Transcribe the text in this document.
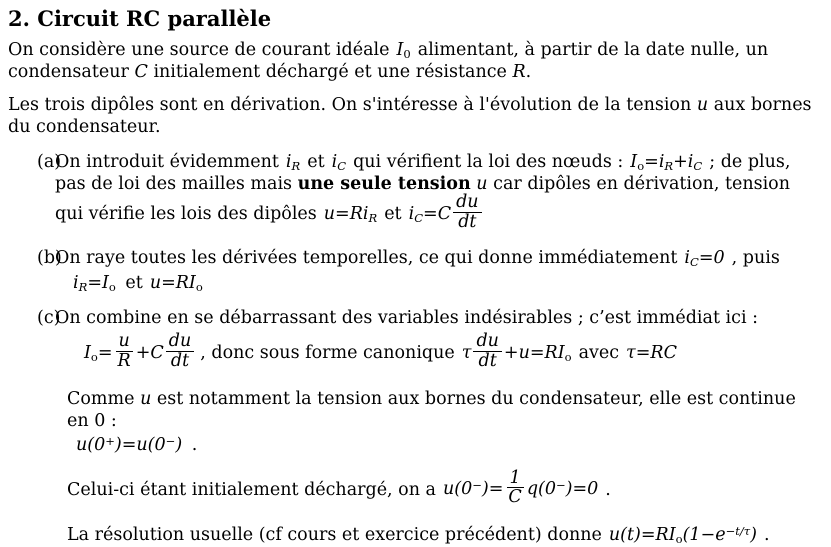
2. Circuit RC parallèle

On considère une source de courant idéale $I_0$ alimentant, à partir de la date nulle, un condensateur C initialement déchargé et une résistance R.

Les trois dipôles sont en dérivation. On s'intéresse à l'évolution de la tension u aux bornes du condensateur.

(a)
On introduit évidemment $i_R$ et $i_C$ qui vérifient la loi des nœuds : $I_o=i_R+i_C$ ; de plus, pas de loi des mailles mais une seule tension u car dipôles en dérivation, tension qui vérifie les lois des dipôles $u=Ri_R$ et $i_C=C \frac{du}{dt}$
(b)
On raye toutes les dérivées temporelles, ce qui donne immédiatement $i_C=0$ , puis
$i_R=I_o$ et $u=RI_o$
(c)
On combine en se débarrassant des variables indésirables ; c’est immédiat ici :
$I_o= \frac{u}{R} +C \frac{du}{dt}$ , donc sous forme canonique τ $\frac{du}{dt} +u=RI_o$ avec τ=RC
Comme u est notamment la tension aux bornes du condensateur, elle est continue en 0 :
u(0+)=u(0−) .
Celui-ci étant initialement déchargé, on a $u(0^-)= \frac{1}{C} q(0^-)=0$ .
La résolution usuelle (cf cours et exercice précédent) donne $u(t)=RI_o(1-e^{-t/\tau})$ .
